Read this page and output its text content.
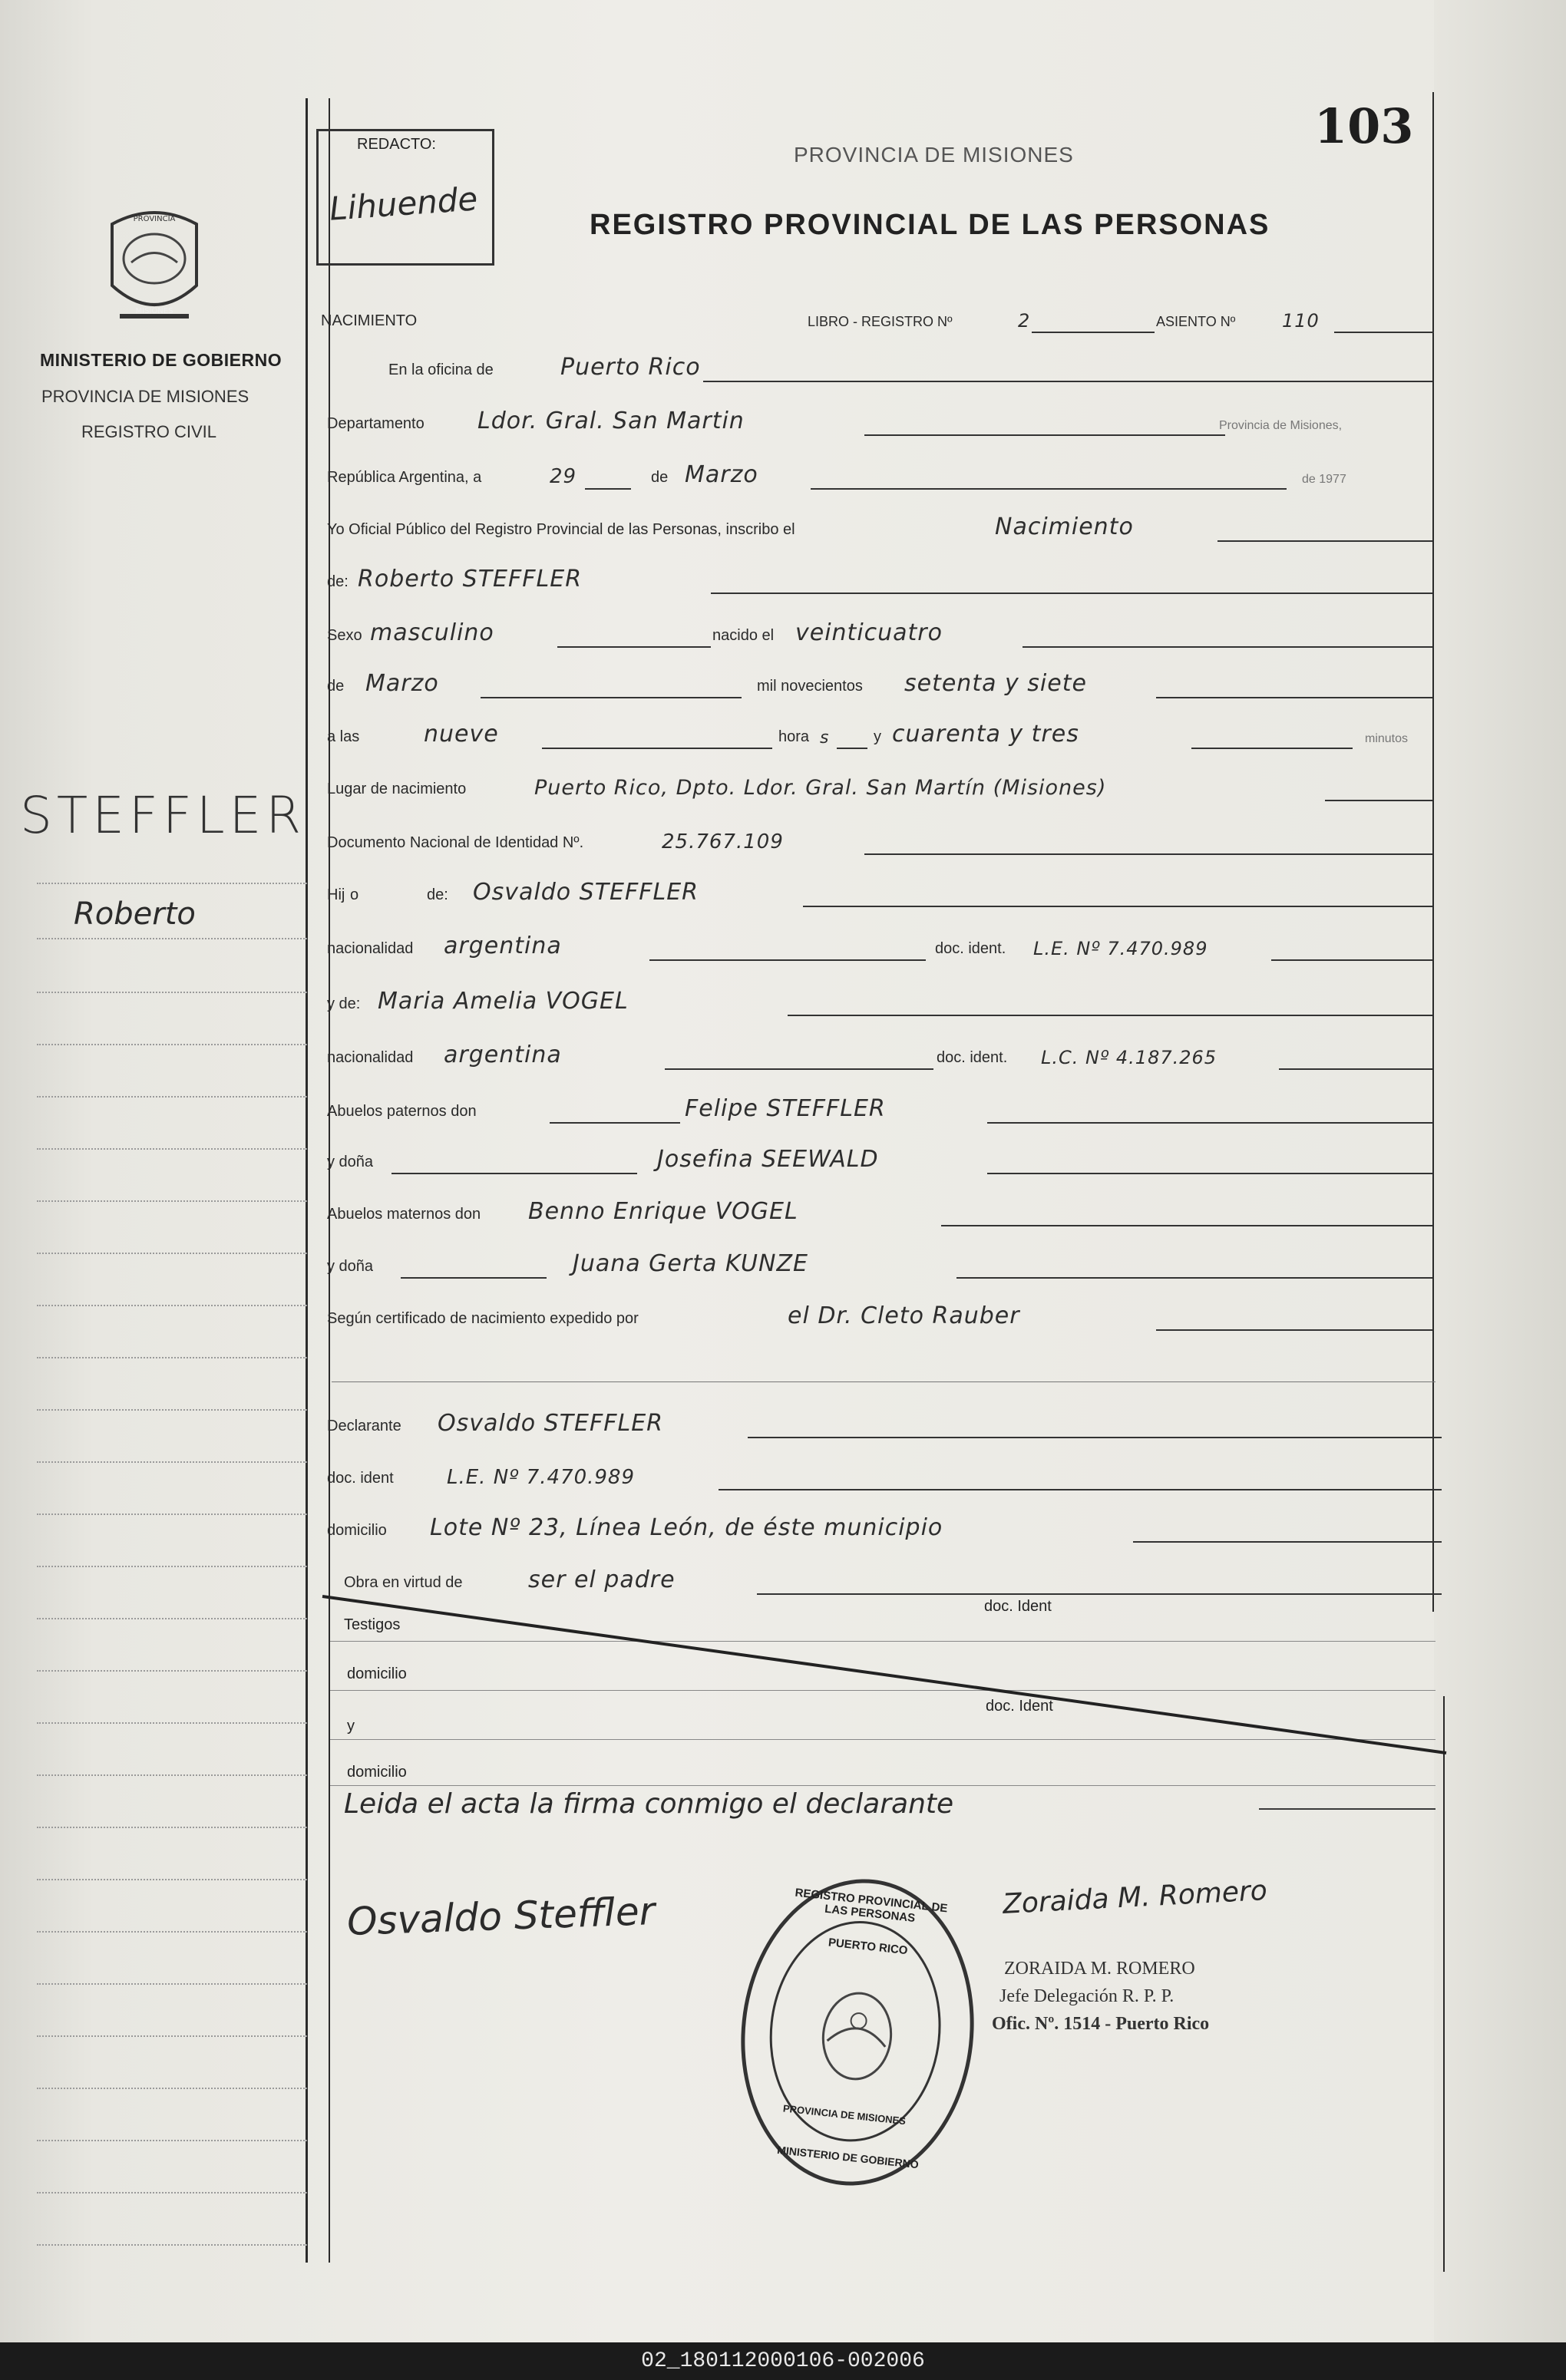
103
REDACTO:
Lihuende
PROVINCIA DE MISIONES
REGISTRO PROVINCIAL DE LAS PERSONAS
PROVINCIA
MISIONES
MINISTERIO DE GOBIERNO
PROVINCIA DE MISIONES
REGISTRO CIVIL
STEFFLER
Roberto
NACIMIENTO	LIBRO - REGISTRO Nº	2	ASIENTO Nº	110
En la oficina de	Puerto Rico
Departamento Ldor. Gral. San Martin	Provincia de Misiones,
República Argentina, a	29	de Marzo	de 1977
Yo Oficial Público del Registro Provincial de las Personas, inscribo el	Nacimiento
de: Roberto STEFFLER
Sexo masculino	nacido el veinticuatro
de Marzo	mil novecientos setenta y siete
a las	nueve	hora s	y cuarenta y tres	minutos
Lugar de nacimiento	Puerto Rico, Dpto. Ldor. Gral. San Martín (Misiones)
Documento Nacional de Identidad Nº.	25.767.109
Hij o	de: Osvaldo STEFFLER
nacionalidad argentina	doc. ident. L.E. Nº 7.470.989
y de: Maria Amelia VOGEL
nacionalidad argentina	doc. ident. L.C. Nº 4.187.265
Abuelos paternos don	Felipe STEFFLER
y doña	Josefina SEEWALD
Abuelos maternos don Benno Enrique VOGEL
y doña	Juana Gerta KUNZE
Según certificado de nacimiento expedido por	el Dr. Cleto Rauber
Declarante Osvaldo STEFFLER
doc. ident	L.E. Nº 7.470.989
domicilio Lote Nº 23, Línea León, de éste municipio
Obra en virtud de	ser el padre
doc. Ident
Testigos
domicilio
doc. Ident
y
domicilio
Leida el acta la firma conmigo el declarante
Osvaldo Steffler	REGISTRO PROVINCIAL DE LAS PERSONAS
PUERTO RICO
PROVINCIA DE MISIONES
MINISTERIO DE GOBIERNO
Zoraida M. Romero
ZORAIDA M. ROMERO
Jefe Delegación R. P. P.
Ofic. Nº. 1514 - Puerto Rico
02_180112000106-002006
